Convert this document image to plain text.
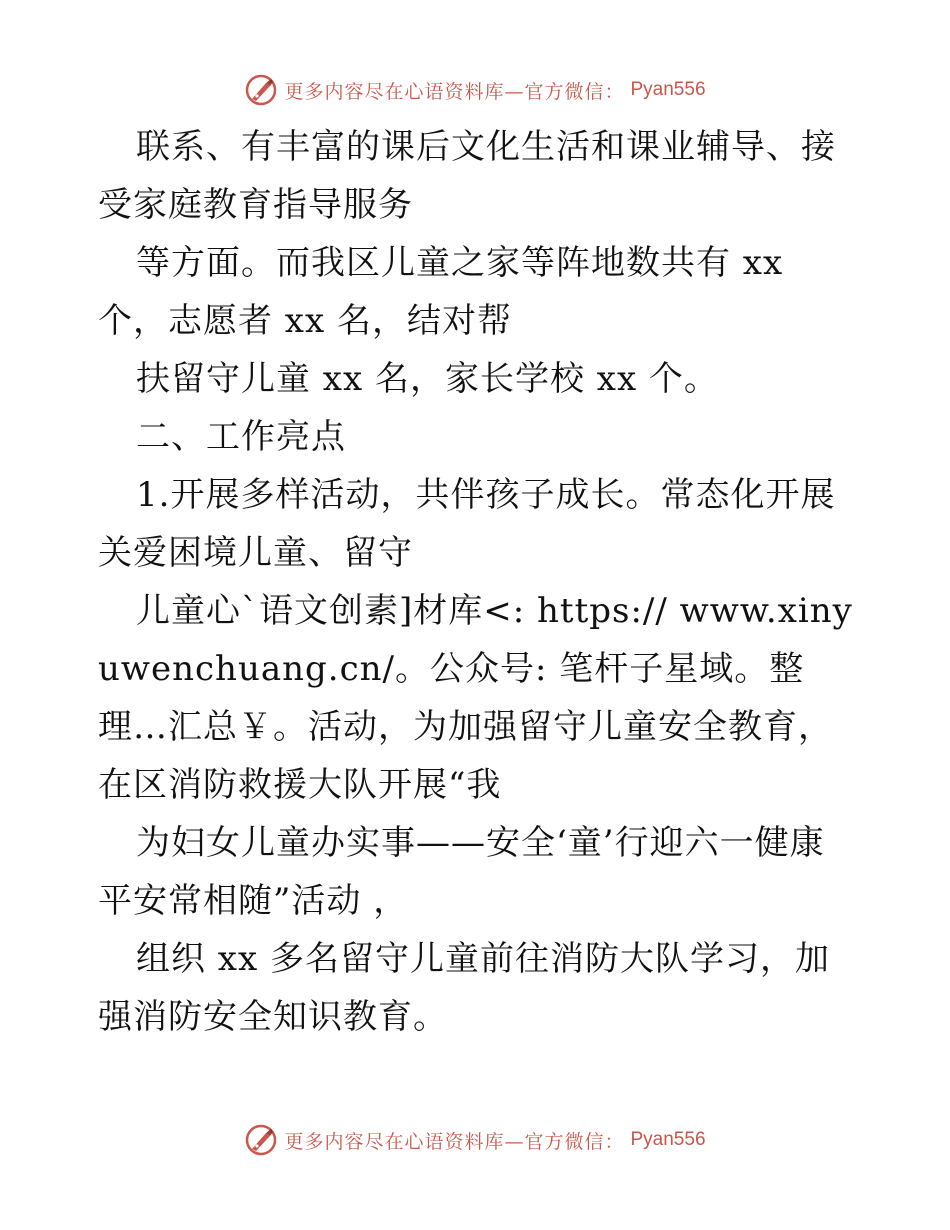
更多内容尽在心语资料库—官方微信： Pyan556

联系、有丰富的课后文化生活和课业辅导、接受家庭教育指导服务

等方面。而我区儿童之家等阵地数共有 xx 个，志愿者 xx 名，结对帮

扶留守儿童 xx 名，家长学校 xx 个。

二、工作亮点

1.开展多样活动，共伴孩子成长。常态化开展关爱困境儿童、留守

儿童心`语文创素]材库<: https:// www.xinyuwenchuang.cn/。公众号: 笔杆子星域。整理…汇总￥。活动，为加强留守儿童安全教育，在区消防救援大队开展“我

为妇女儿童办实事——安全‘童’行迎六一健康平安常相随”活动 ，

组织 xx 多名留守儿童前往消防大队学习，加强消防安全知识教育。

更多内容尽在心语资料库—官方微信： Pyan556
